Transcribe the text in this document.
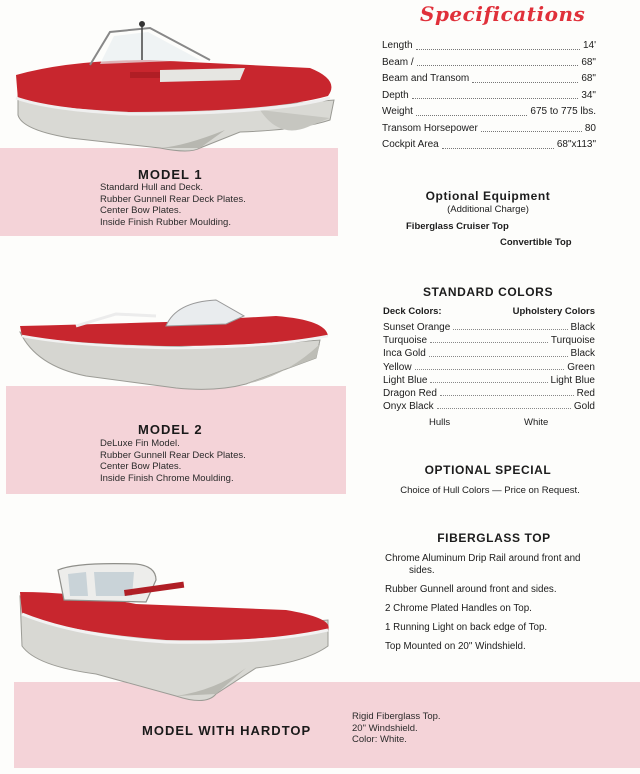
MODEL 1
Standard Hull and Deck.
Rubber Gunnell Rear Deck Plates.
Center Bow Plates.
Inside Finish Rubber Moulding.
MODEL 2
DeLuxe Fin Model.
Rubber Gunnell Rear Deck Plates.
Center Bow Plates.
Inside Finish Chrome Moulding.
MODEL WITH HARDTOP
Rigid Fiberglass Top.
20" Windshield.
Color: White.
Specifications
Length	14'
Beam /	68"
Beam and Transom	68"
Depth	34"
Weight	675 to 775 lbs.
Transom Horsepower	80
Cockpit Area	68"x113"
Optional Equipment
(Additional Charge)
Fiberglass Cruiser Top
Convertible Top
STANDARD COLORS
Deck Colors:	Upholstery Colors
Sunset Orange	Black
Turquoise	Turquoise
Inca Gold	Black
Yellow	Green
Light Blue	Light Blue
Dragon Red	Red
Onyx Black	Gold
Hulls	White
OPTIONAL SPECIAL
Choice of Hull Colors — Price on Request.
FIBERGLASS TOP
Chrome Aluminum Drip Rail around front and
sides.
Rubber Gunnell around front and sides.
2 Chrome Plated Handles on Top.
1 Running Light on back edge of Top.
Top Mounted on 20" Windshield.
